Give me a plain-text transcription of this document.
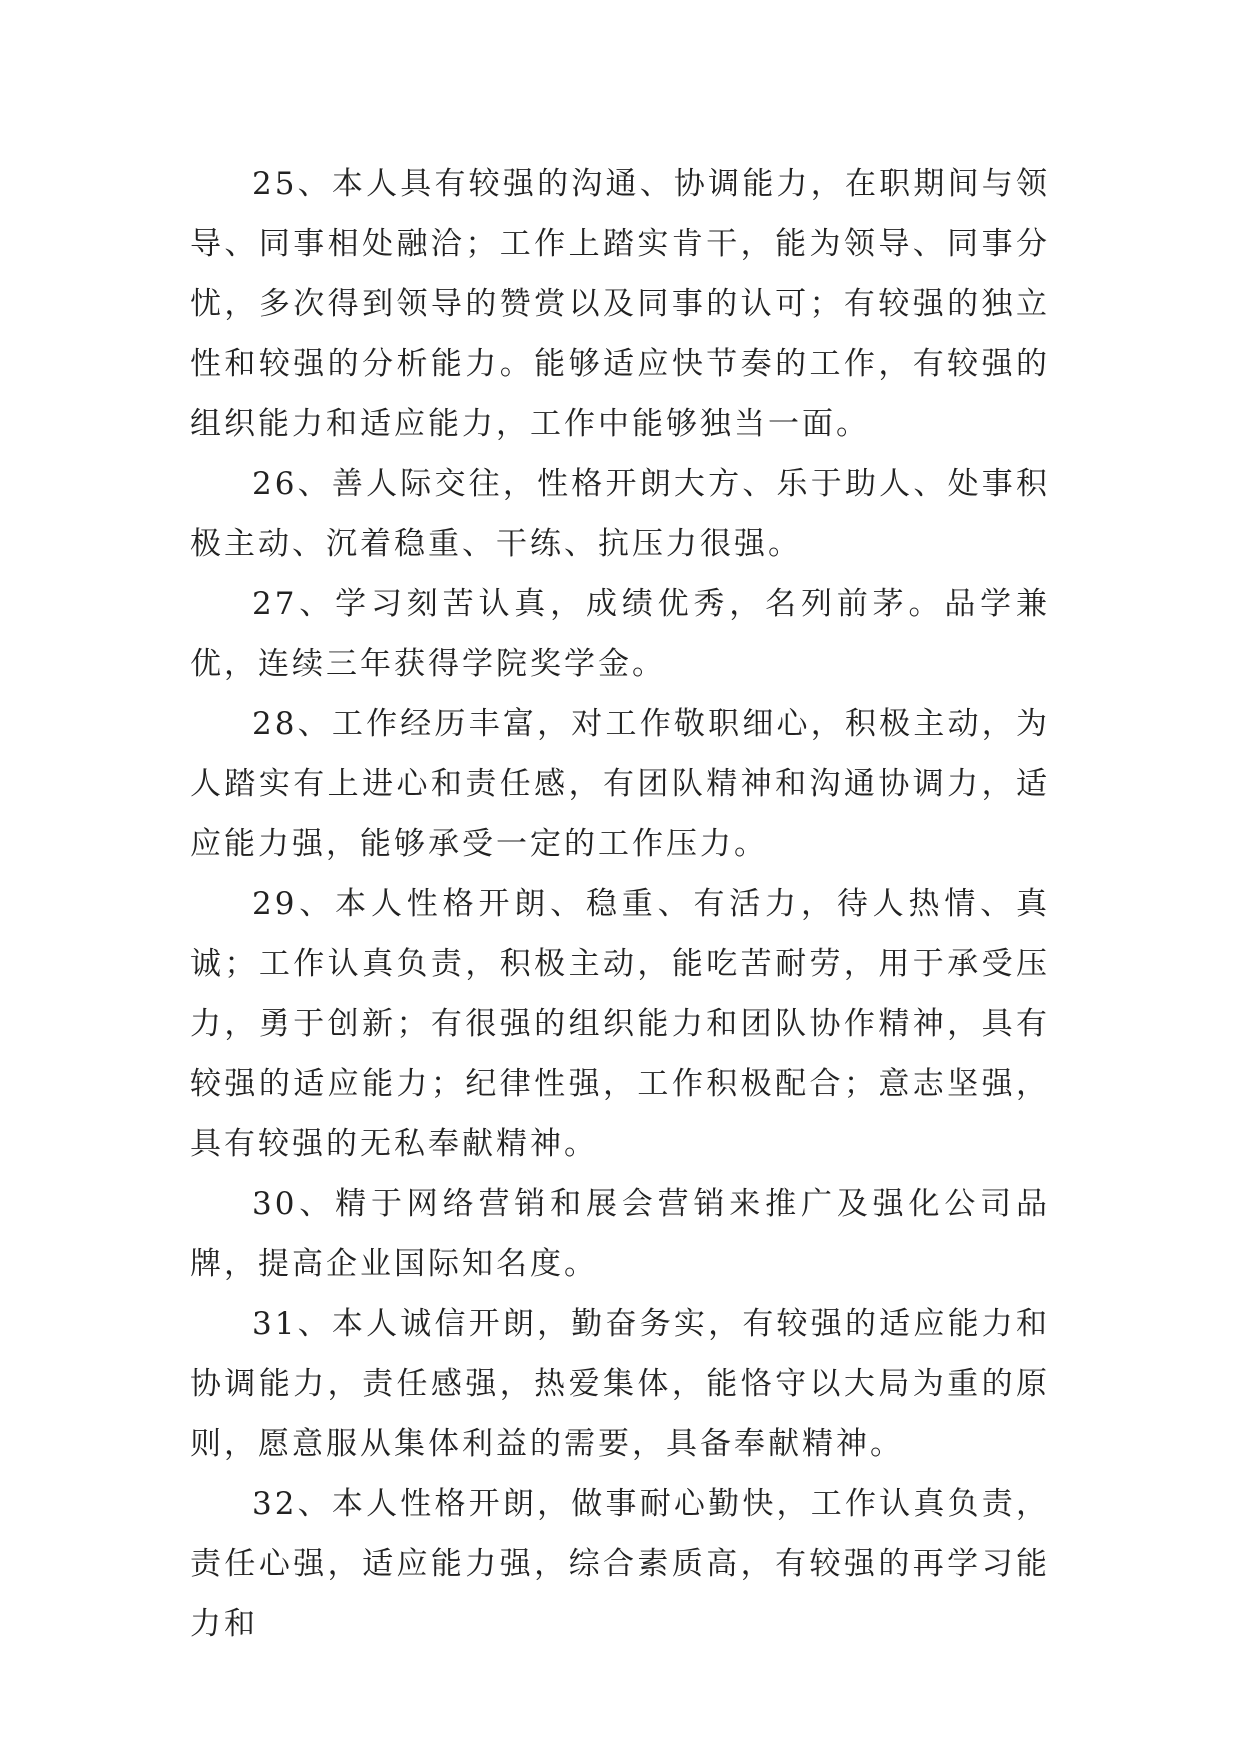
25、本人具有较强的沟通、协调能力，在职期间与领导、同事相处融洽；工作上踏实肯干，能为领导、同事分忧，多次得到领导的赞赏以及同事的认可；有较强的独立性和较强的分析能力。能够适应快节奏的工作，有较强的组织能力和适应能力，工作中能够独当一面。

26、善人际交往，性格开朗大方、乐于助人、处事积极主动、沉着稳重、干练、抗压力很强。

27、学习刻苦认真，成绩优秀，名列前茅。品学兼优，连续三年获得学院奖学金。

28、工作经历丰富，对工作敬职细心，积极主动，为人踏实有上进心和责任感，有团队精神和沟通协调力，适应能力强，能够承受一定的工作压力。

29、本人性格开朗、稳重、有活力，待人热情、真诚；工作认真负责，积极主动，能吃苦耐劳，用于承受压力，勇于创新；有很强的组织能力和团队协作精神，具有较强的适应能力；纪律性强，工作积极配合；意志坚强，具有较强的无私奉献精神。

30、精于网络营销和展会营销来推广及强化公司品牌，提高企业国际知名度。

31、本人诚信开朗，勤奋务实，有较强的适应能力和协调能力，责任感强，热爱集体，能恪守以大局为重的原则，愿意服从集体利益的需要，具备奉献精神。

32、本人性格开朗，做事耐心勤快，工作认真负责，责任心强，适应能力强，综合素质高，有较强的再学习能力和
